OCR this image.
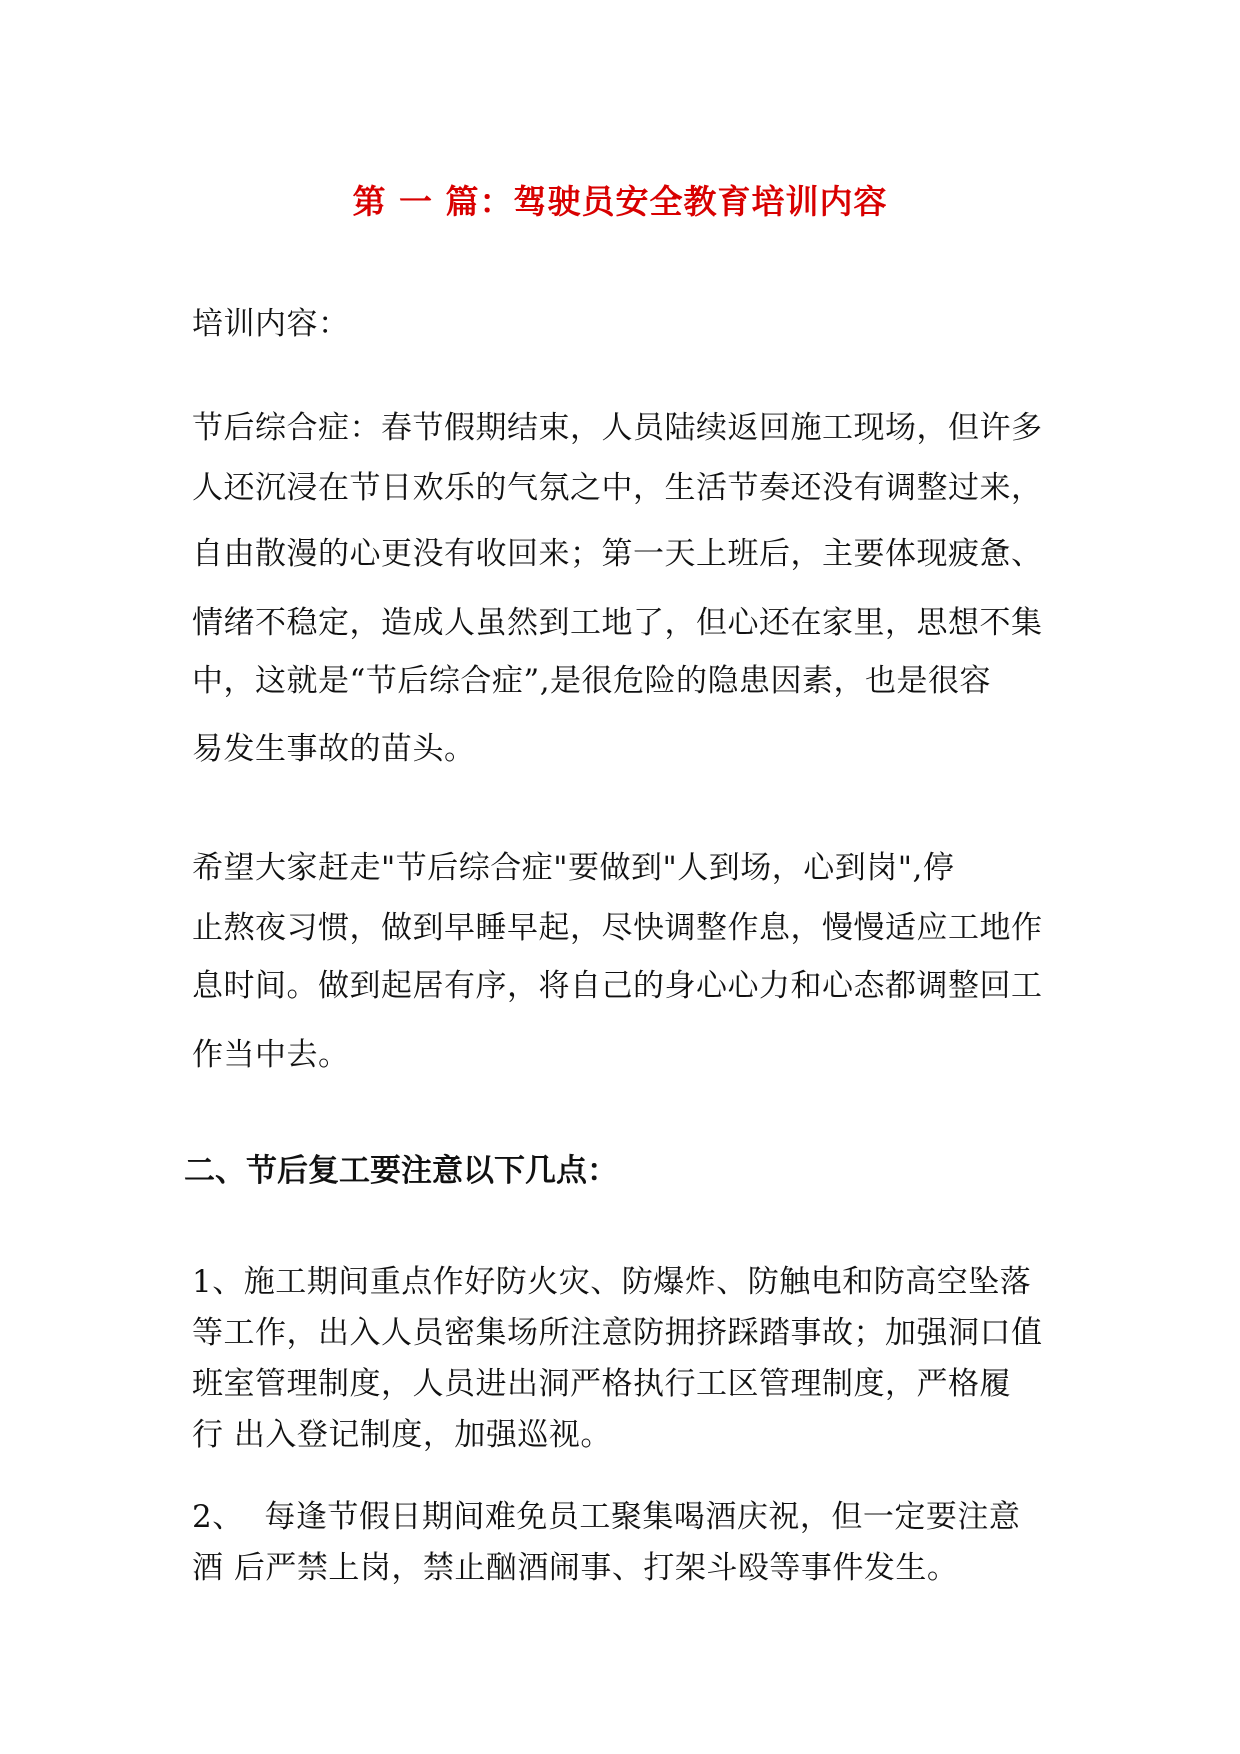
第 一 篇：驾驶员安全教育培训内容
培训内容：
节后综合症：春节假期结束，人员陆续返回施工现场，但许多
人还沉浸在节日欢乐的气氛之中，生活节奏还没有调整过来，
自由散漫的心更没有收回来；第一天上班后，主要体现疲惫、
情绪不稳定，造成人虽然到工地了，但心还在家里，思想不集
中，这就是“节后综合症”,是很危险的隐患因素，也是很容
易发生事故的苗头。
希望大家赶走"节后综合症"要做到"人到场，心到岗",停
止熬夜习惯，做到早睡早起，尽快调整作息，慢慢适应工地作
息时间。做到起居有序，将自己的身心心力和心态都调整回工
作当中去。
二、节后复工要注意以下几点：
1、施工期间重点作好防火灾、防爆炸、防触电和防高空坠落
等工作，出入人员密集场所注意防拥挤踩踏事故；加强洞口值
班室管理制度，人员进出洞严格执行工区管理制度，严格履
行 出入登记制度，加强巡视。
2、  每逢节假日期间难免员工聚集喝酒庆祝，但一定要注意
酒 后严禁上岗，禁止酗酒闹事、打架斗殴等事件发生。
